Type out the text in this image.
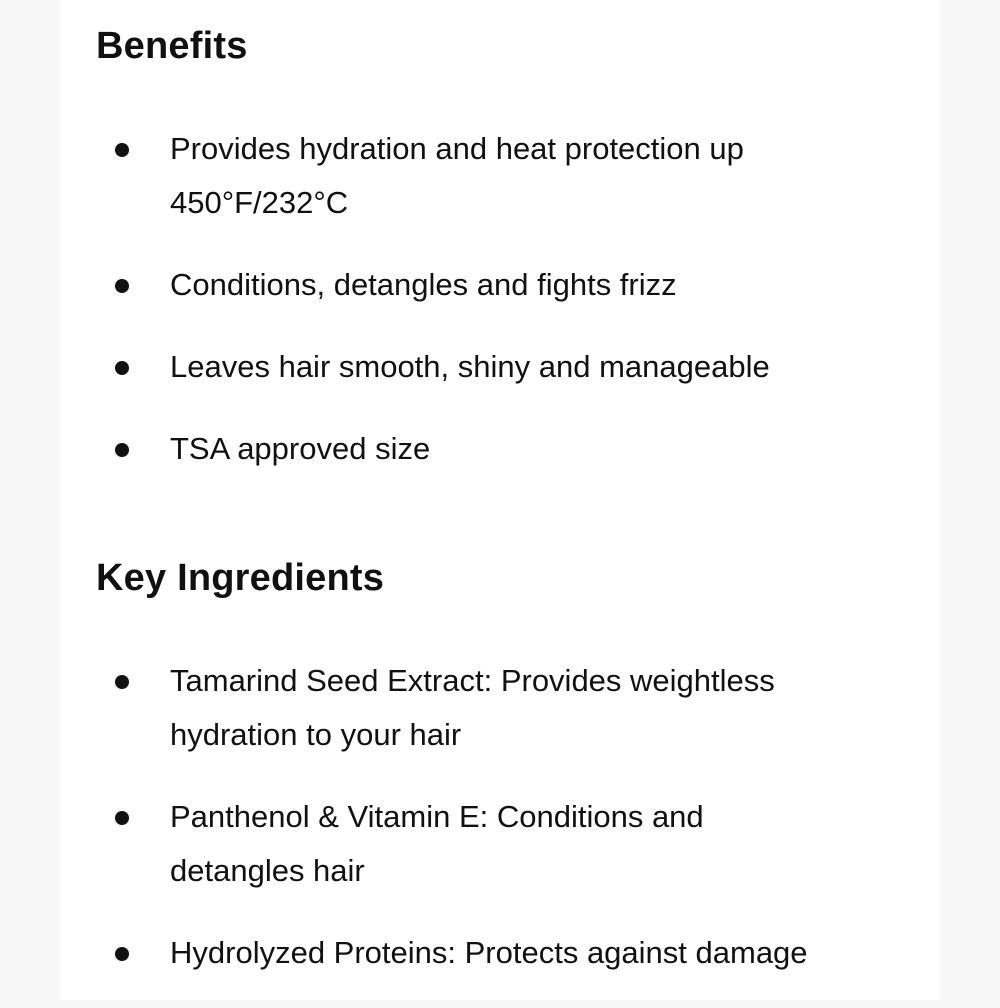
Benefits
Provides hydration and heat protection up 450°F/232°C
Conditions, detangles and fights frizz
Leaves hair smooth, shiny and manageable
TSA approved size
Key Ingredients
Tamarind Seed Extract: Provides weightless hydration to your hair
Panthenol & Vitamin E: Conditions and detangles hair
Hydrolyzed Proteins: Protects against damage
